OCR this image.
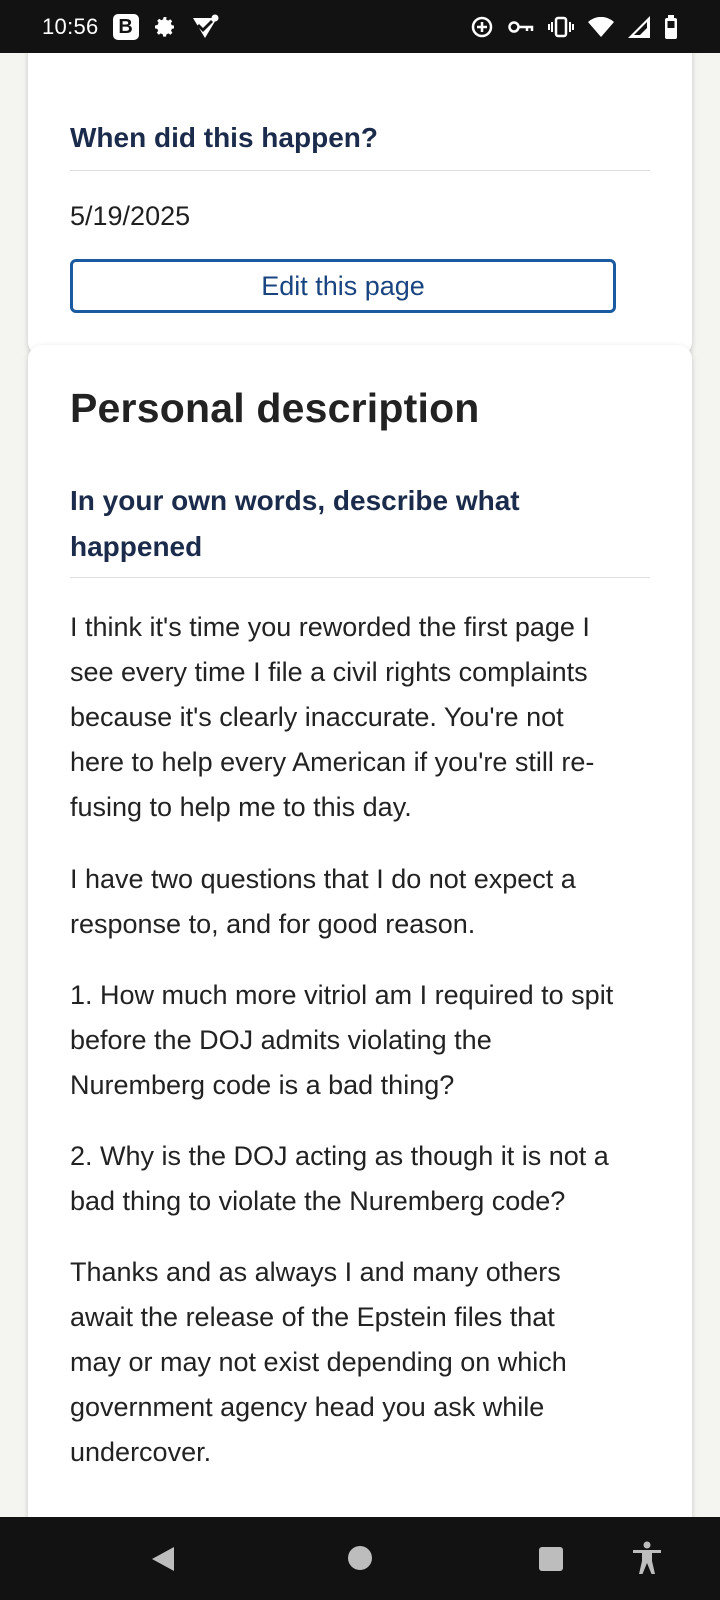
10:56 B
When did this happen?
5/19/2025
Edit this page
Personal description
In your own words, describe what
happened
I think it's time you reworded the first page I
see every time I file a civil rights complaints
because it's clearly inaccurate. You're not
here to help every American if you're still re-
fusing to help me to this day.
I have two questions that I do not expect a
response to, and for good reason.
1. How much more vitriol am I required to spit
before the DOJ admits violating the
Nuremberg code is a bad thing?
2. Why is the DOJ acting as though it is not a
bad thing to violate the Nuremberg code?
Thanks and as always I and many others
await the release of the Epstein files that
may or may not exist depending on which
government agency head you ask while
undercover.
